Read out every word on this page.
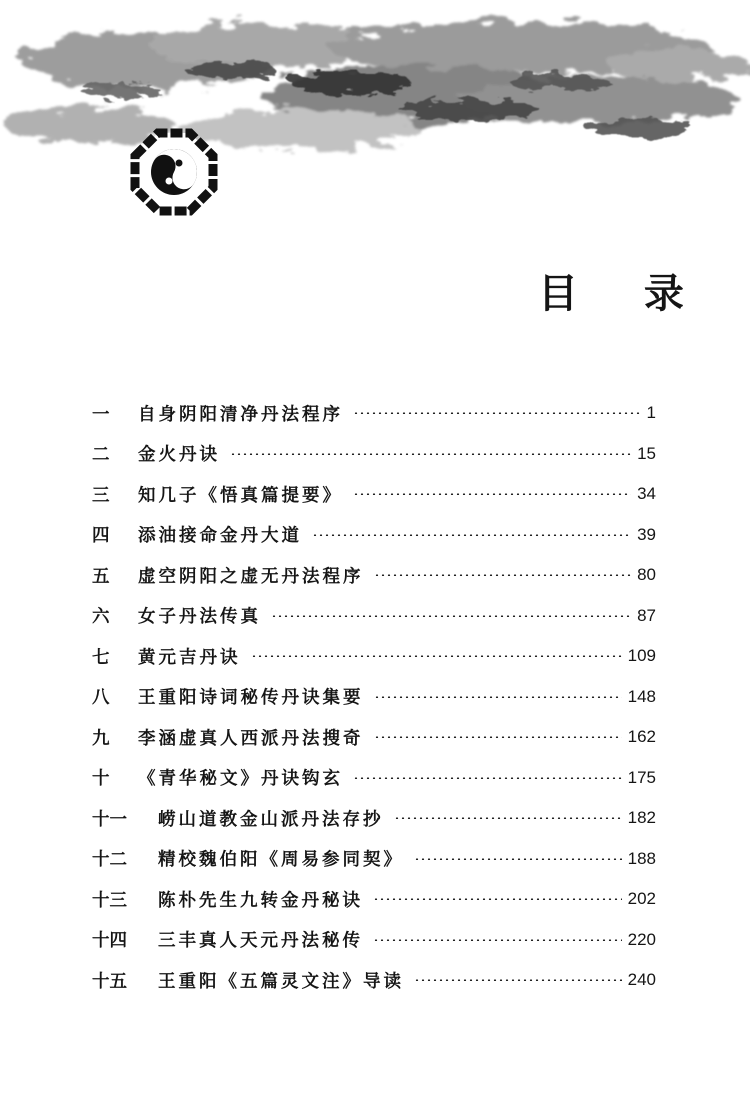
目 录
一	自身阴阳清净丹法程序	1
二	金火丹诀	15
三	知几子《悟真篇提要》	34
四	添油接命金丹大道	39
五	虚空阴阳之虚无丹法程序	80
六	女子丹法传真	87
七	黄元吉丹诀	109
八	王重阳诗词秘传丹诀集要	148
九	李涵虚真人西派丹法搜奇	162
十	《青华秘文》丹诀钩玄	175
十一	崂山道教金山派丹法存抄	182
十二	精校魏伯阳《周易参同契》	188
十三	陈朴先生九转金丹秘诀	202
十四	三丰真人天元丹法秘传	220
十五	王重阳《五篇灵文注》导读	240
